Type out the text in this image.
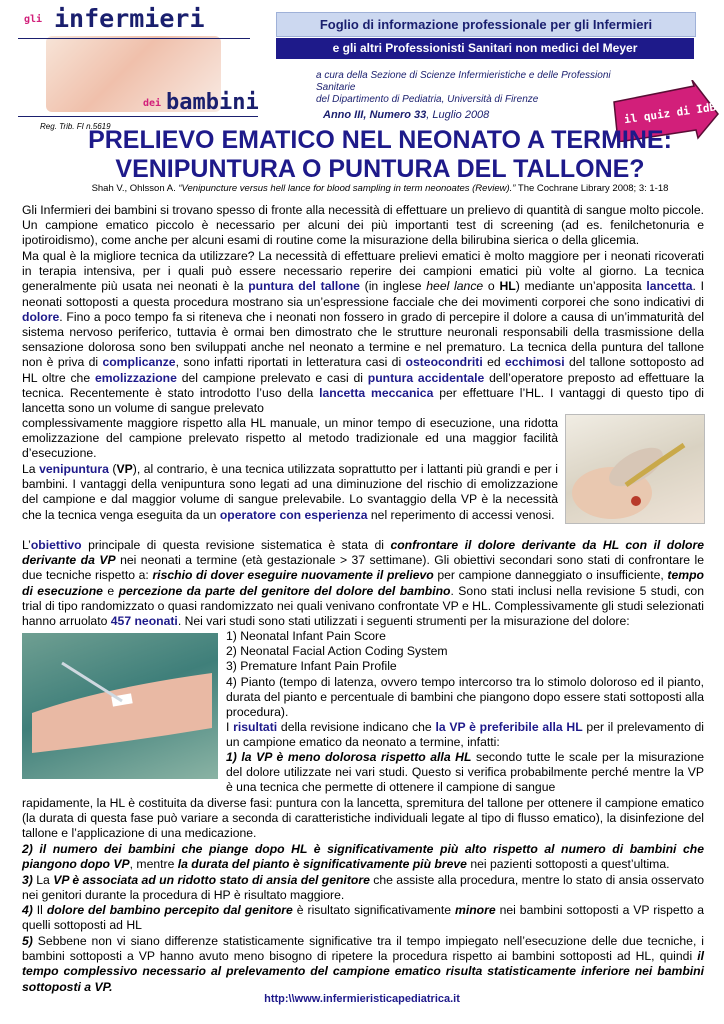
gli infermieri
dei bambini
Reg. Trib. FI n.5619
Foglio di informazione professionale per gli Infermieri
e gli altri Professionisti Sanitari non medici del Meyer
a cura della Sezione di Scienze Infermieristiche e delle Professioni Sanitarie
del Dipartimento di Pediatria, Università di Firenze
Anno III, Numero 33, Luglio 2008	il quiz di IdB
PRELIEVO EMATICO NEL NEONATO A TERMINE:
VENIPUNTURA O PUNTURA DEL TALLONE?
Shah V., Ohlsson A. “Venipuncture versus hell lance for blood sampling in term neonoates (Review).” The Cochrane Library 2008; 3: 1-18
Gli Infermieri dei bambini si trovano spesso di fronte alla necessità di effettuare un prelievo di quantità di sangue molto piccole. Un campione ematico piccolo è necessario per alcuni dei più importanti test di screening (ad es. fenilchetonuria e ipotiroidismo), come anche per alcuni esami di routine come la misurazione della bilirubina sierica o della glicemia.
Ma qual è la migliore tecnica da utilizzare? La necessità di effettuare prelievi ematici è molto maggiore per i neonati ricoverati in terapia intensiva, per i quali può essere necessario reperire dei campioni ematici più volte al giorno. La tecnica generalmente più usata nei neonati è la puntura del tallone (in inglese heel lance o HL) mediante un’apposita lancetta. I neonati sottoposti a questa procedura mostrano sia un’espressione facciale che dei movimenti corporei che sono indicativi di dolore. Fino a poco tempo fa si riteneva che i neonati non fossero in grado di percepire il dolore a causa di un’immaturità del sistema nervoso periferico, tuttavia è ormai ben dimostrato che le strutture neuronali responsabili della trasmissione della sensazione dolorosa sono ben sviluppati anche nel neonato a termine e nel prematuro. La tecnica della puntura del tallone non è priva di complicanze, sono infatti riportati in letteratura casi di osteocondriti ed ecchimosi del tallone sottoposto ad HL oltre che emolizzazione del campione prelevato e casi di puntura accidentale dell’operatore preposto ad effettuare la tecnica. Recentemente è stato introdotto l’uso della lancetta meccanica per effettuare l’HL. I vantaggi di questo tipo di lancetta sono un volume di sangue prelevato
complessivamente maggiore rispetto alla HL manuale, un minor tempo di esecuzione, una ridotta emolizzazione del campione prelevato rispetto al metodo tradizionale ed una maggior facilità d’esecuzione.
La venipuntura (VP), al contrario, è una tecnica utilizzata soprattutto per i lattanti più grandi e per i bambini. I vantaggi della venipuntura sono legati ad una diminuzione del rischio di emolizzazione del campione e dal maggior volume di sangue prelevabile. Lo svantaggio della VP è la necessità che la tecnica venga eseguita da un operatore con esperienza nel reperimento di accessi venosi.
L’obiettivo principale di questa revisione sistematica è stata di confrontare il dolore derivante da HL con il dolore derivante da VP nei neonati a termine (età gestazionale > 37 settimane). Gli obiettivi secondari sono stati di confrontare le due tecniche rispetto a: rischio di dover eseguire nuovamente il prelievo per campione danneggiato o insufficiente, tempo di esecuzione e percezione da parte del genitore del dolore del bambino. Sono stati inclusi nella revisione 5 studi, con trial di tipo randomizzato o quasi randomizzato nei quali venivano confrontate VP e HL. Complessivamente gli studi selezionati hanno arruolato 457 neonati. Nei vari studi sono stati utilizzati i seguenti strumenti per la misurazione del dolore:
1) Neonatal Infant Pain Score
2) Neonatal Facial Action Coding System
3) Premature Infant Pain Profile
4) Pianto (tempo di latenza, ovvero tempo intercorso tra lo stimolo doloroso ed il pianto, durata del pianto e percentuale di bambini che piangono dopo essere stati sottoposti alla procedura).
I risultati della revisione indicano che la VP è preferibile alla HL per il prelevamento di un campione ematico da neonato a termine, infatti:
1) la VP è meno dolorosa rispetto alla HL secondo tutte le scale per la misurazione del dolore utilizzate nei vari studi. Questo si verifica probabilmente perché mentre la VP è una tecnica che permette di ottenere il campione di sangue
rapidamente, la HL è costituita da diverse fasi: puntura con la lancetta, spremitura del tallone per ottenere il campione ematico (la durata di questa fase può variare a seconda di caratteristiche individuali legate al tipo di flusso ematico), la disinfezione del tallone e l’applicazione di una medicazione.
2) il numero dei bambini che piange dopo HL è significativamente più alto rispetto al numero di bambini che piangono dopo VP, mentre la durata del pianto è significativamente più breve nei pazienti sottoposti a quest’ultima.
3) La VP è associata ad un ridotto stato di ansia del genitore che assiste alla procedura, mentre lo stato di ansia osservato nei genitori durante la procedura di HP è risultato maggiore.
4) Il dolore del bambino percepito dal genitore è risultato significativamente minore nei bambini sottoposti a VP rispetto a quelli sottoposti ad HL
5) Sebbene non vi siano differenze statisticamente significative tra il tempo impiegato nell’esecuzione delle due tecniche, i bambini sottoposti a VP hanno avuto meno bisogno di ripetere la procedura rispetto ai bambini sottoposti ad HL, quindi il tempo complessivo necessario al prelevamento del campione ematico risulta statisticamente inferiore nei bambini sottoposti a VP.
http:\\www.infermieristicapediatrica.it
